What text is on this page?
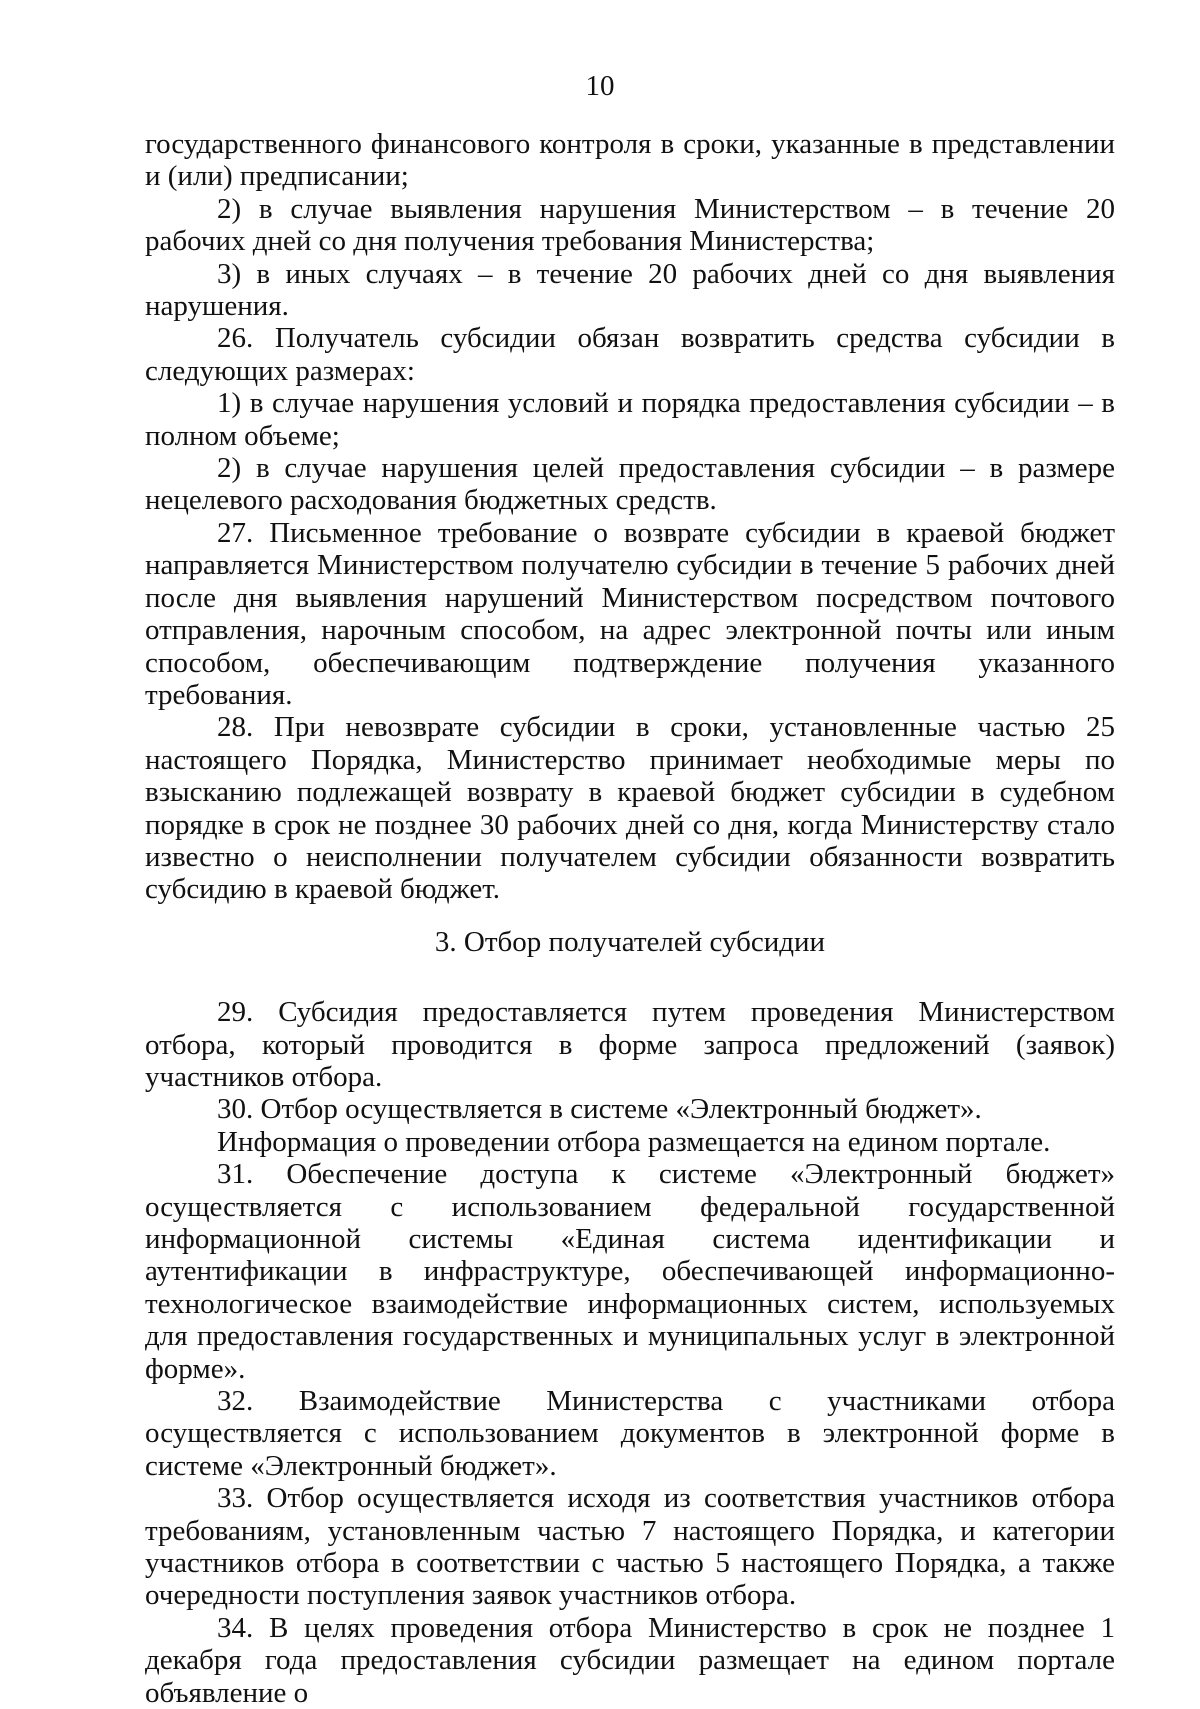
10

государственного финансового контроля в сроки, указанные в представлении и (или) предписании;

2) в случае выявления нарушения Министерством – в течение 20 рабочих дней со дня получения требования Министерства;

3) в иных случаях – в течение 20 рабочих дней со дня выявления нарушения.

26. Получатель субсидии обязан возвратить средства субсидии в следующих размерах:

1) в случае нарушения условий и порядка предоставления субсидии – в полном объеме;

2) в случае нарушения целей предоставления субсидии – в размере нецелевого расходования бюджетных средств.

27. Письменное требование о возврате субсидии в краевой бюджет направляется Министерством получателю субсидии в течение 5 рабочих дней после дня выявления нарушений Министерством посредством почтового отправления, нарочным способом, на адрес электронной почты или иным способом, обеспечивающим подтверждение получения указанного требования.

28. При невозврате субсидии в сроки, установленные частью 25 настоящего Порядка, Министерство принимает необходимые меры по взысканию подлежащей возврату в краевой бюджет субсидии в судебном порядке в срок не позднее 30 рабочих дней со дня, когда Министерству стало известно о неисполнении получателем субсидии обязанности возвратить субсидию в краевой бюджет.

3. Отбор получателей субсидии

29. Субсидия предоставляется путем проведения Министерством отбора, который проводится в форме запроса предложений (заявок) участников отбора.

30. Отбор осуществляется в системе «Электронный бюджет».

Информация о проведении отбора размещается на едином портале.

31. Обеспечение доступа к системе «Электронный бюджет» осуществляется с использованием федеральной государственной информационной системы «Единая система идентификации и аутентификации в инфраструктуре, обеспечивающей информационно-технологическое взаимодействие информационных систем, используемых для предоставления государственных и муниципальных услуг в электронной форме».

32. Взаимодействие Министерства с участниками отбора осуществляется с использованием документов в электронной форме в системе «Электронный бюджет».

33. Отбор осуществляется исходя из соответствия участников отбора требованиям, установленным частью 7 настоящего Порядка, и категории участников отбора в соответствии с частью 5 настоящего Порядка, а также очередности поступления заявок участников отбора.

34. В целях проведения отбора Министерство в срок не позднее 1 декабря года предоставления субсидии размещает на едином портале объявление о
